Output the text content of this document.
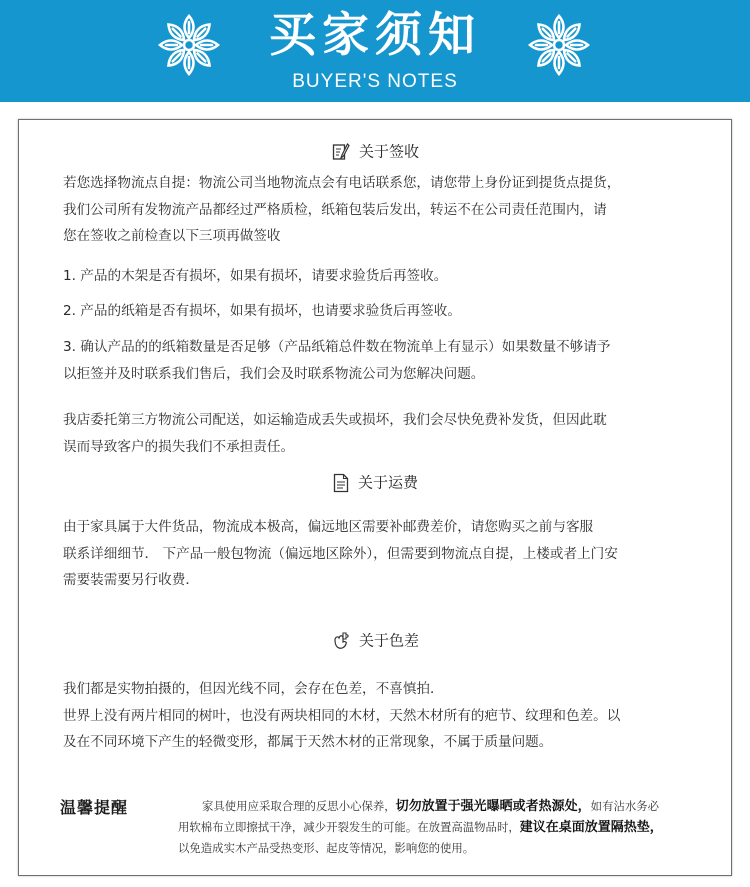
买家须知
BUYER'S NOTES
关于签收
若您选择物流点自提：物流公司当地物流点会有电话联系您，请您带上身份证到提货点提货，
我们公司所有发物流产品都经过严格质检，纸箱包装后发出，转运不在公司责任范围内，请
您在签收之前检查以下三项再做签收
1. 产品的木架是否有损坏，如果有损坏，请要求验货后再签收。
2. 产品的纸箱是否有损坏，如果有损坏，也请要求验货后再签收。
3. 确认产品的的纸箱数量是否足够（产品纸箱总件数在物流单上有显示）如果数量不够请予
以拒签并及时联系我们售后，我们会及时联系物流公司为您解决问题。
我店委托第三方物流公司配送，如运输造成丢失或损坏，我们会尽快免费补发货，但因此耽
误而导致客户的损失我们不承担责任。
关于运费
由于家具属于大件货品，物流成本极高，偏远地区需要补邮费差价，请您购买之前与客服
联系详细细节． 下产品一般包物流（偏远地区除外），但需要到物流点自提，上楼或者上门安
需要装需要另行收费．
关于色差
我们都是实物拍摄的，但因光线不同，会存在色差，不喜慎拍．
世界上没有两片相同的树叶，也没有两块相同的木材，天然木材所有的疤节、纹理和色差。以
及在不同环境下产生的轻微变形，都属于天然木材的正常现象，不属于质量问题。
温馨提醒	家具使用应采取合理的反思小心保养，切勿放置于强光曝晒或者热源处，如有沾水务必
用软棉布立即擦拭干净，减少开裂发生的可能。在放置高温物品时，建议在桌面放置隔热垫，
以免造成实木产品受热变形、起皮等情况，影响您的使用。
